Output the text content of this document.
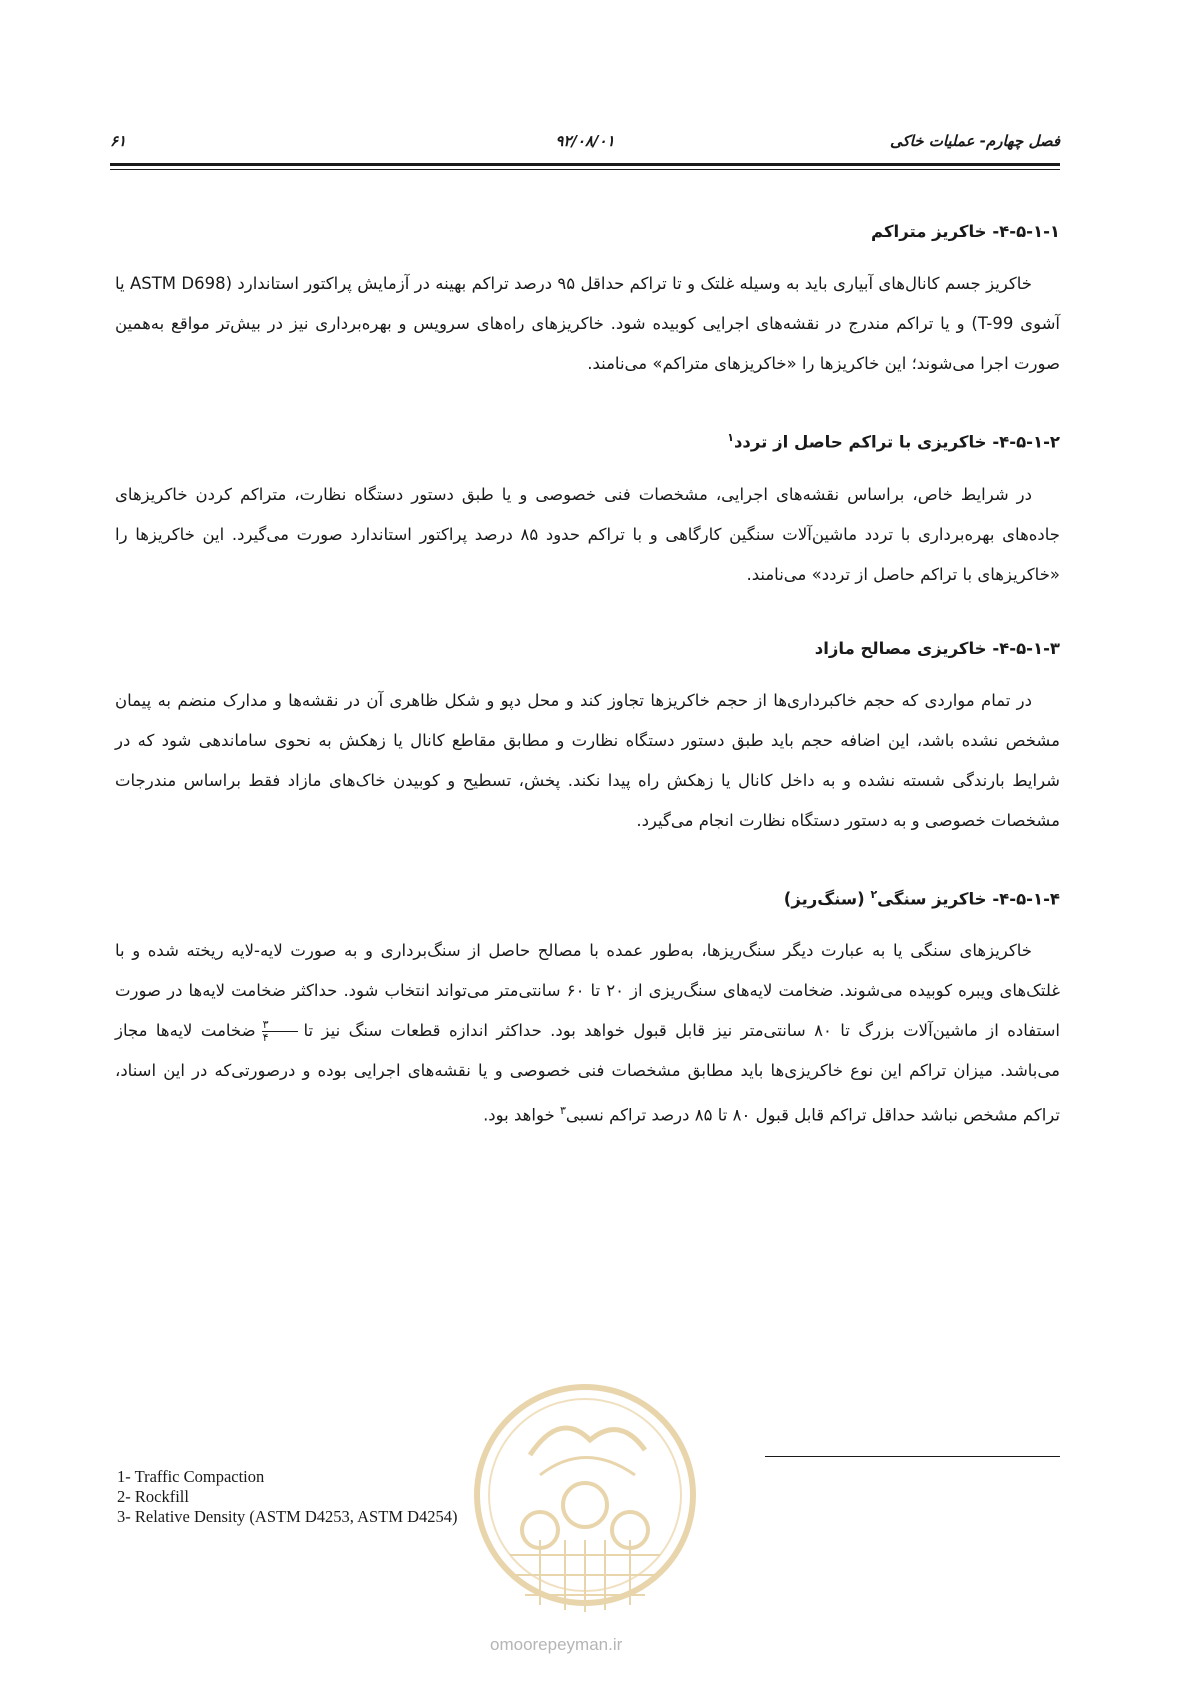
فصل چهارم- عملیات خاکی
۹۲/۰۸/۰۱
۶۱
۴-۵-۱-۱- خاکریز متراکم

خاکریز جسم کانال‌های آبیاری باید به وسیله غلتک و تا تراکم حداقل ۹۵ درصد تراکم بهینه در آزمایش پراکتور استاندارد (ASTM D698 یا آشوی T-99) و یا تراکم مندرج در نقشه‌های اجرایی کوبیده شود. خاکریزهای راه‌های سرویس و بهره‌برداری نیز در بیش‌تر مواقع به‌همین صورت اجرا می‌شوند؛ این خاکریزها را «خاکریزهای متراکم» می‌نامند.

۴-۵-۱-۲- خاکریزی با تراکم حاصل از تردد$^۱$

در شرایط خاص، براساس نقشه‌های اجرایی، مشخصات فنی خصوصی و یا طبق دستور دستگاه نظارت، متراکم کردن خاکریزهای جاده‌های بهره‌برداری با تردد ماشین‌آلات سنگین کارگاهی و با تراکم حدود ۸۵ درصد پراکتور استاندارد صورت می‌گیرد. این خاکریزها را «خاکریزهای با تراکم حاصل از تردد» می‌نامند.

۴-۵-۱-۳- خاکریزی مصالح مازاد

در تمام مواردی که حجم خاکبرداری‌ها از حجم خاکریزها تجاوز کند و محل دپو و شکل ظاهری آن در نقشه‌ها و مدارک منضم به پیمان مشخص نشده باشد، این اضافه حجم باید طبق دستور دستگاه نظارت و مطابق مقاطع کانال یا زهکش به نحوی ساماندهی شود که در شرایط بارندگی شسته نشده و به داخل کانال یا زهکش راه پیدا نکند. پخش، تسطیح و کوبیدن خاک‌های مازاد فقط براساس مندرجات مشخصات خصوصی و به دستور دستگاه نظارت انجام می‌گیرد.

۴-۵-۱-۴- خاکریز سنگی$^۲$ (سنگ‌ریز)

خاکریزهای سنگی یا به عبارت دیگر سنگ‌ریزها، به‌طور عمده با مصالح حاصل از سنگ‌برداری و به صورت لایه-لایه ریخته شده و با غلتک‌های ویبره کوبیده می‌شوند. ضخامت لایه‌های سنگ‌ریزی از ۲۰ تا ۶۰ سانتی‌متر می‌تواند انتخاب شود. حداکثر ضخامت لایه‌ها در صورت استفاده از ماشین‌آلات بزرگ تا ۸۰ سانتی‌متر نیز قابل قبول خواهد بود. حداکثر اندازه قطعات سنگ نیز تا
$\frac{۳}{۴}$
ضخامت لایه‌ها مجاز می‌باشد. میزان تراکم این نوع خاکریزی‌ها باید مطابق مشخصات فنی خصوصی و یا نقشه‌های اجرایی بوده و درصورتی‌که در این اسناد، تراکم مشخص نباشد حداقل تراکم قابل قبول ۸۰ تا ۸۵ درصد تراکم نسبی$^۳$ خواهد بود.

omoorepeyman.ir
1- Traffic Compaction
2- Rockfill
3- Relative Density (ASTM D4253, ASTM D4254)
